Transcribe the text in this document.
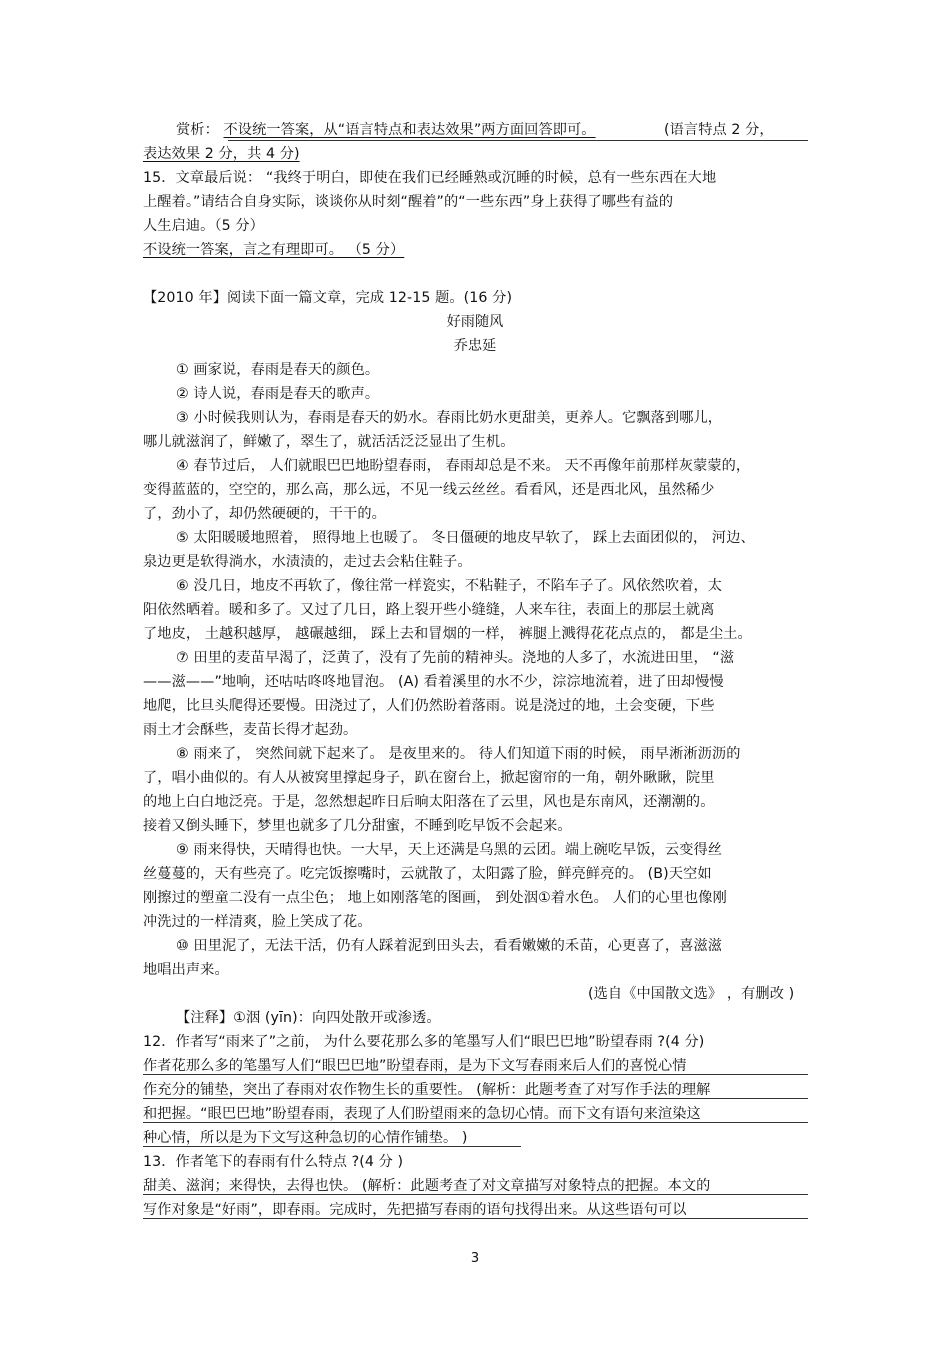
赏析： 不设统一答案，从“语言特点和表达效果”两方面回答即可。	(语言特点 2 分，
表达效果 2 分，共 4 分)
15．文章最后说： “我终于明白，即使在我们已经睡熟或沉睡的时候，总有一些东西在大地
上醒着。”请结合自身实际，谈谈你从时刻“醒着”的“一些东西”身上获得了哪些有益的
人生启迪。（5 分）
不设统一答案，言之有理即可。 （5 分）
【2010 年】阅读下面一篇文章，完成 12-15 题。(16 分)
好雨随风
乔忠延
① 画家说，春雨是春天的颜色。
② 诗人说，春雨是春天的歌声。
③ 小时候我则认为，春雨是春天的奶水。春雨比奶水更甜美，更养人。它飘落到哪儿，
哪儿就滋润了，鲜嫩了，翠生了，就活活泛泛显出了生机。
④ 春节过后， 人们就眼巴巴地盼望春雨， 春雨却总是不来。 天不再像年前那样灰蒙蒙的，
变得蓝蓝的，空空的，那么高，那么远，不见一线云丝丝。看看风，还是西北风，虽然稀少
了，劲小了，却仍然硬硬的，干干的。
⑤ 太阳暖暖地照着， 照得地上也暖了。 冬日僵硬的地皮早软了， 踩上去面团似的， 河边、
泉边更是软得淌水，水渍渍的，走过去会粘住鞋子。
⑥ 没几日，地皮不再软了，像往常一样瓷实，不粘鞋子，不陷车子了。风依然吹着，太
阳依然晒着。暖和多了。又过了几日，路上裂开些小缝缝，人来车往，表面上的那层土就离
了地皮， 土越积越厚， 越碾越细， 踩上去和冒烟的一样， 裤腿上溅得花花点点的， 都是尘土。
⑦ 田里的麦苗早渴了，泛黄了，没有了先前的精神头。浇地的人多了，水流进田里， “滋
——滋——”地响，还咕咕咚咚地冒泡。 (A) 看着溪里的水不少，淙淙地流着，进了田却慢慢
地爬，比旦头爬得还要慢。田浇过了，人们仍然盼着落雨。说是浇过的地，土会变硬，下些
雨土才会酥些，麦苗长得才起劲。
⑧ 雨来了， 突然间就下起来了。 是夜里来的。 待人们知道下雨的时候， 雨早淅淅沥沥的
了，唱小曲似的。有人从被窝里撑起身子，趴在窗台上，掀起窗帘的一角，朝外瞅瞅，院里
的地上白白地泛亮。于是，忽然想起昨日后晌太阳落在了云里，风也是东南风，还潮潮的。
接着又倒头睡下，梦里也就多了几分甜蜜，不睡到吃早饭不会起来。
⑨ 雨来得快，天晴得也快。一大早，天上还满是乌黑的云团。端上碗吃早饭，云变得丝
丝蔓蔓的，天有些亮了。吃完饭擦嘴时，云就散了，太阳露了脸，鲜亮鲜亮的。 (B)天空如
刚擦过的塑童二没有一点尘色； 地上如刚落笔的图画， 到处洇①着水色。 人们的心里也像刚
冲洗过的一样清爽，脸上笑成了花。
⑩ 田里泥了，无法干活，仍有人踩着泥到田头去，看看嫩嫩的禾苗，心更喜了，喜滋滋
地唱出声来。
(选自《中国散文选》 ，有删改 )
【注释】①洇 (yīn)：向四处散开或渗透。
12．作者写“雨来了”之前， 为什么要花那么多的笔墨写人们“眼巴巴地”盼望春雨 ?(4 分)
作者花那么多的笔墨写人们“眼巴巴地”盼望春雨，是为下文写春雨来后人们的喜悦心情
作充分的铺垫，突出了春雨对农作物生长的重要性。 (解析：此题考查了对写作手法的理解
和把握。“眼巴巴地”盼望春雨，表现了人们盼望雨来的急切心情。而下文有语句来渲染这
种心情，所以是为下文写这种急切的心情作铺垫。 )
13．作者笔下的春雨有什么特点 ?(4 分 )
甜美、滋润；来得快，去得也快。 (解析：此题考查了对文章描写对象特点的把握。本文的
写作对象是“好雨”，即春雨。完成时，先把描写春雨的语句找得出来。从这些语句可以
3
